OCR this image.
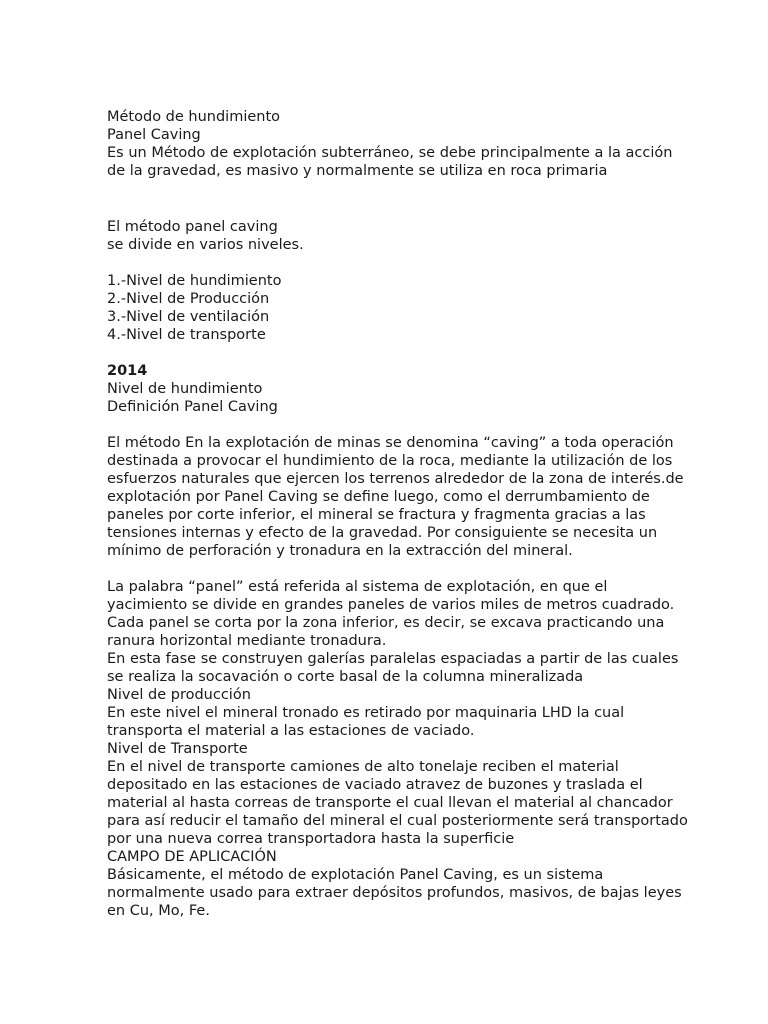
Método de hundimiento
Panel Caving
Es un Método de explotación subterráneo, se debe principalmente a la acción
de la gravedad, es masivo y normalmente se utiliza en roca primaria
El método panel caving
se divide en varios niveles.
1.-Nivel de hundimiento
2.-Nivel de Producción
3.-Nivel de ventilación
4.-Nivel de transporte
2014
Nivel de hundimiento
Definición Panel Caving
El método En la explotación de minas se denomina “caving” a toda operación
destinada a provocar el hundimiento de la roca, mediante la utilización de los
esfuerzos naturales que ejercen los terrenos alrededor de la zona de interés.de
explotación por Panel Caving se define luego, como el derrumbamiento de
paneles por corte inferior, el mineral se fractura y fragmenta gracias a las
tensiones internas y efecto de la gravedad. Por consiguiente se necesita un
mínimo de perforación y tronadura en la extracción del mineral.
La palabra “panel” está referida al sistema de explotación, en que el
yacimiento se divide en grandes paneles de varios miles de metros cuadrado.
Cada panel se corta por la zona inferior, es decir, se excava practicando una
ranura horizontal mediante tronadura.
En esta fase se construyen galerías paralelas espaciadas a partir de las cuales
se realiza la socavación o corte basal de la columna mineralizada
Nivel de producción
En este nivel el mineral tronado es retirado por maquinaria LHD la cual
transporta el material a las estaciones de vaciado.
Nivel de Transporte
En el nivel de transporte camiones de alto tonelaje reciben el material
depositado en las estaciones de vaciado atravez de buzones y traslada el
material al hasta correas de transporte el cual llevan el material al chancador
para así reducir el tamaño del mineral el cual posteriormente será transportado
por una nueva correa transportadora hasta la superficie
CAMPO DE APLICACIÓN
Básicamente, el método de explotación Panel Caving, es un sistema
normalmente usado para extraer depósitos profundos, masivos, de bajas leyes
en Cu, Mo, Fe.
